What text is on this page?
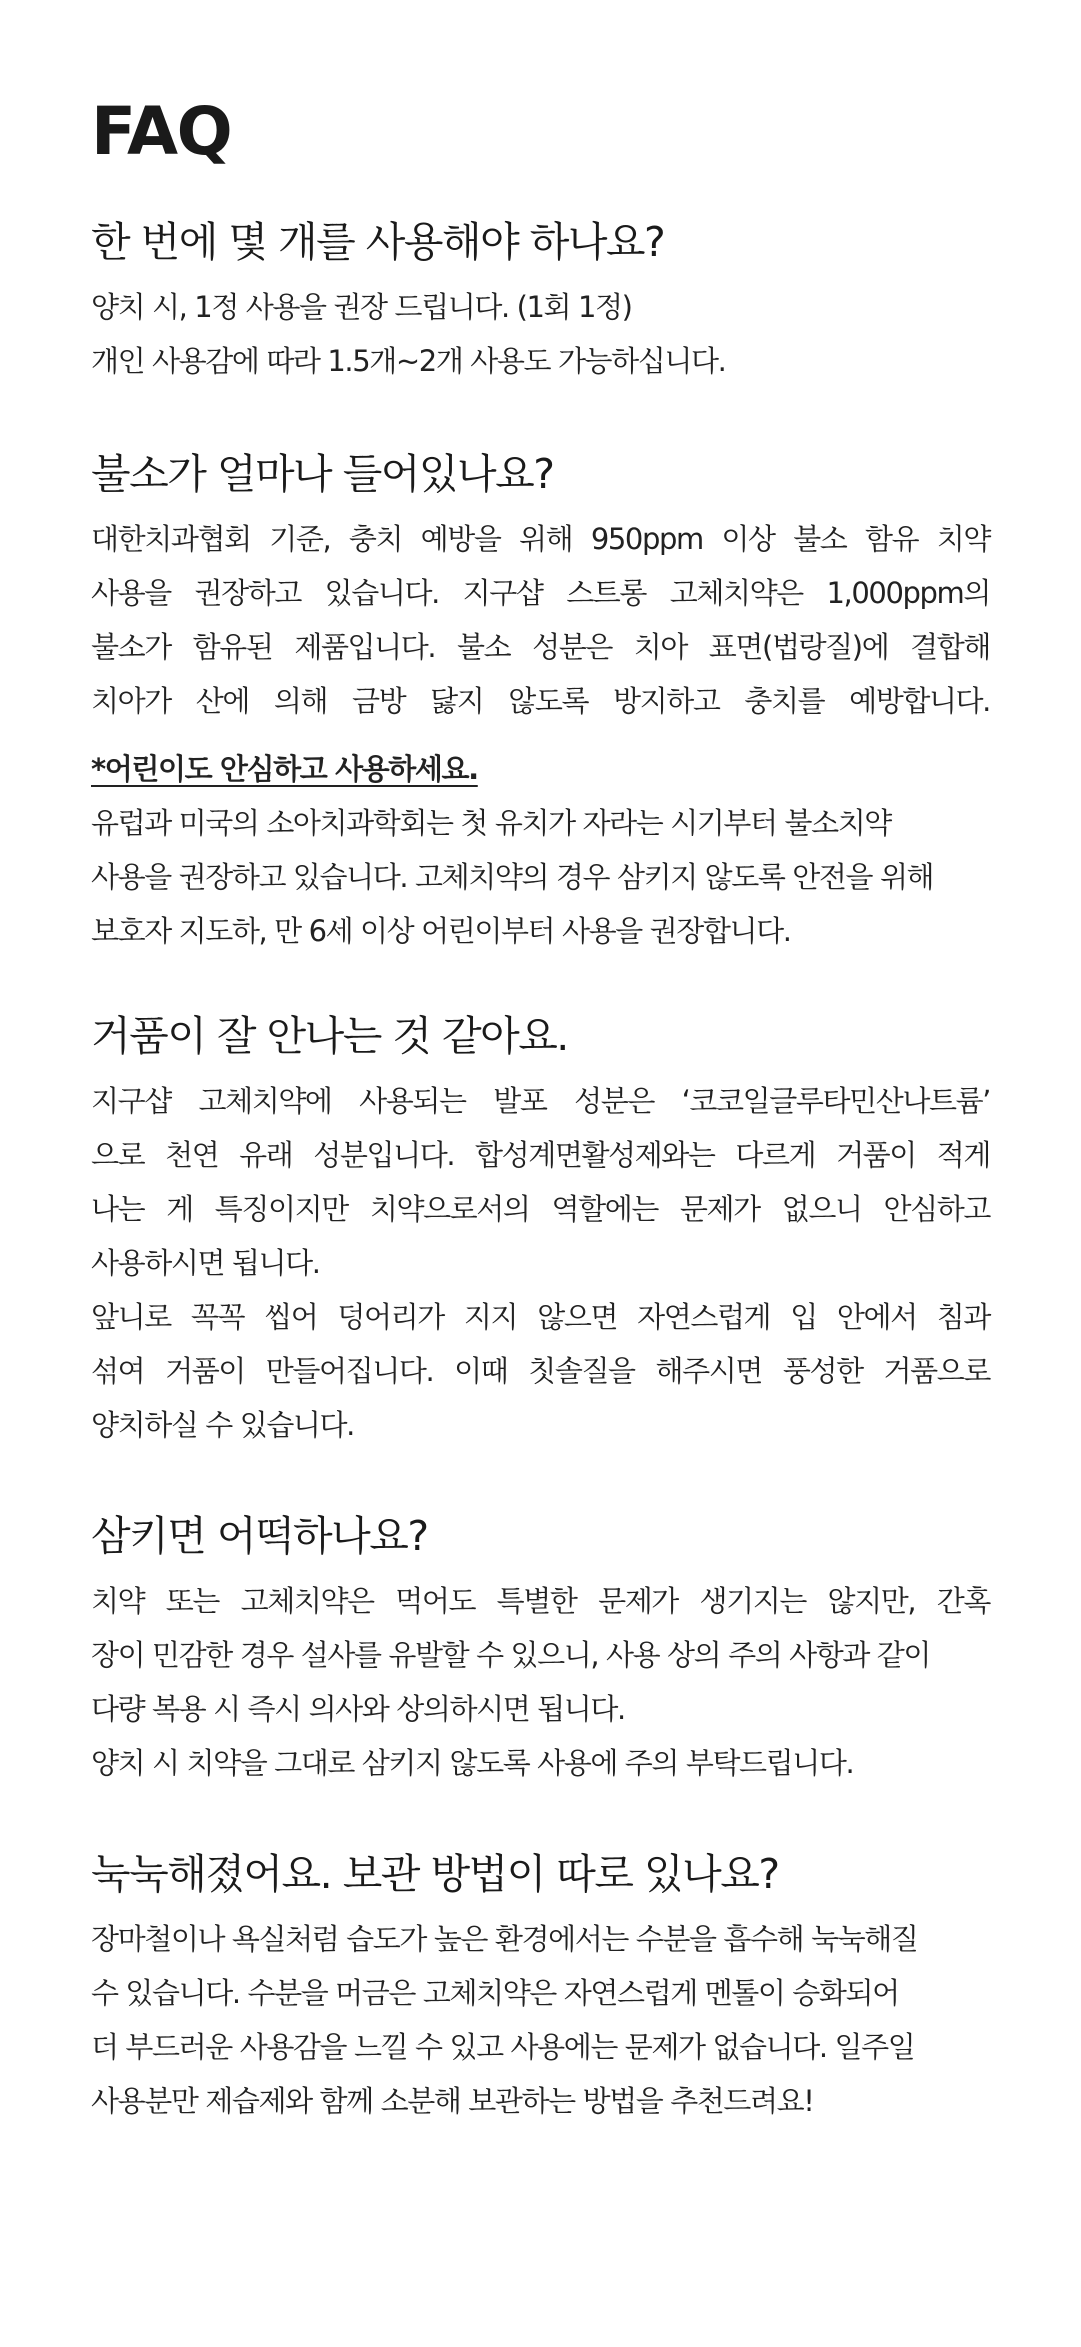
FAQ
한 번에 몇 개를 사용해야 하나요?

양치 시, 1정 사용을 권장 드립니다. (1회 1정)
개인 사용감에 따라 1.5개~2개 사용도 가능하십니다.

불소가 얼마나 들어있나요?

대한치과협회 기준, 충치 예방을 위해 950ppm 이상 불소 함유 치약
사용을 권장하고 있습니다. 지구샵 스트롱 고체치약은 1,000ppm의
불소가 함유된 제품입니다. 불소 성분은 치아 표면(법랑질)에 결합해
치아가 산에 의해 금방 닳지 않도록 방지하고 충치를 예방합니다.

*어린이도 안심하고 사용하세요.
유럽과 미국의 소아치과학회는 첫 유치가 자라는 시기부터 불소치약
사용을 권장하고 있습니다. 고체치약의 경우 삼키지 않도록 안전을 위해
보호자 지도하, 만 6세 이상 어린이부터 사용을 권장합니다.

거품이 잘 안나는 것 같아요.

지구샵 고체치약에 사용되는 발포 성분은 ‘코코일글루타민산나트륨’
으로 천연 유래 성분입니다. 합성계면활성제와는 다르게 거품이 적게
나는 게 특징이지만 치약으로서의 역할에는 문제가 없으니 안심하고
사용하시면 됩니다.
앞니로 꼭꼭 씹어 덩어리가 지지 않으면 자연스럽게 입 안에서 침과
섞여 거품이 만들어집니다. 이때 칫솔질을 해주시면 풍성한 거품으로
양치하실 수 있습니다.

삼키면 어떡하나요?

치약 또는 고체치약은 먹어도 특별한 문제가 생기지는 않지만, 간혹
장이 민감한 경우 설사를 유발할 수 있으니, 사용 상의 주의 사항과 같이
다량 복용 시 즉시 의사와 상의하시면 됩니다.
양치 시 치약을 그대로 삼키지 않도록 사용에 주의 부탁드립니다.

눅눅해졌어요. 보관 방법이 따로 있나요?

장마철이나 욕실처럼 습도가 높은 환경에서는 수분을 흡수해 눅눅해질
수 있습니다. 수분을 머금은 고체치약은 자연스럽게 멘톨이 승화되어
더 부드러운 사용감을 느낄 수 있고 사용에는 문제가 없습니다. 일주일
사용분만 제습제와 함께 소분해 보관하는 방법을 추천드려요!
